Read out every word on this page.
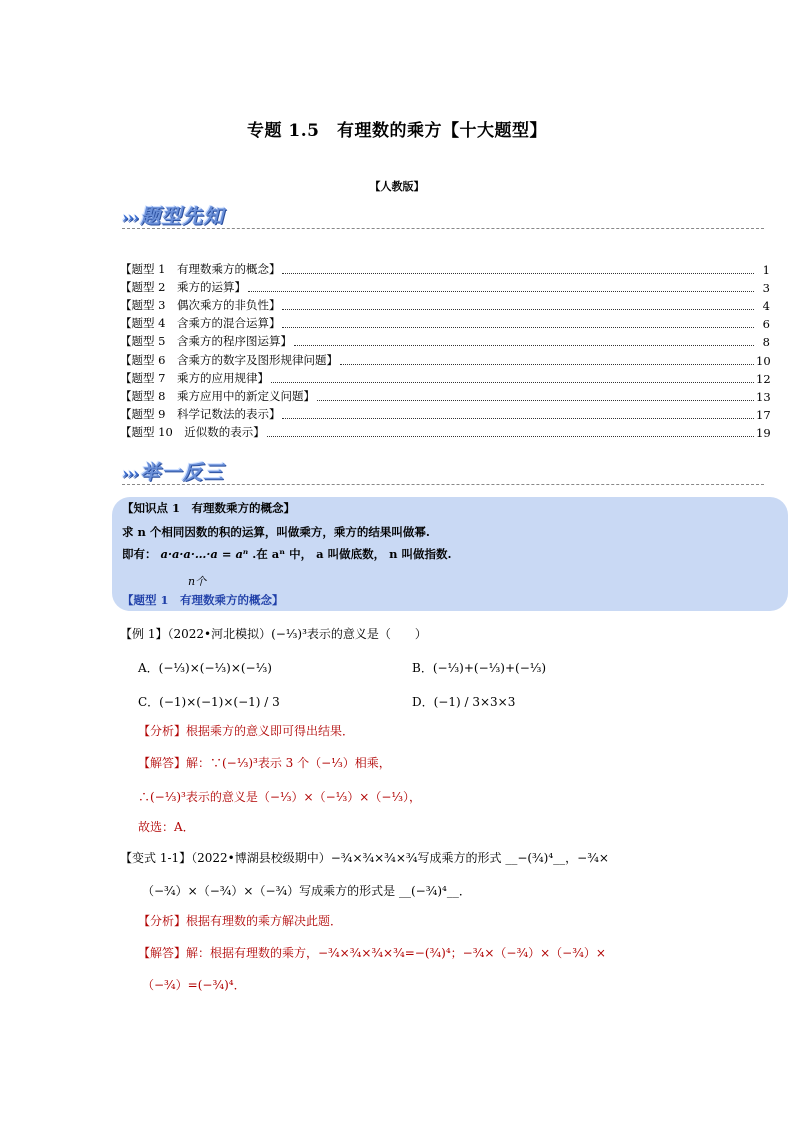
专题 1.5　有理数的乘方【十大题型】
【人教版】
››› 题型先知
【题型 1　有理数乘方的概念】	1
【题型 2　乘方的运算】	3
【题型 3　偶次乘方的非负性】	4
【题型 4　含乘方的混合运算】	6
【题型 5　含乘方的程序图运算】	8
【题型 6　含乘方的数字及图形规律问题】	10
【题型 7　乘方的应用规律】	12
【题型 8　乘方应用中的新定义问题】	13
【题型 9　科学记数法的表示】	17
【题型 10　近似数的表示】	19
››› 举一反三
【知识点 1　有理数乘方的概念】
求 n 个相同因数的积的运算，叫做乘方，乘方的结果叫做幂.
即有： a·a·a·…·a = aⁿ .在 aⁿ 中， a 叫做底数， n 叫做指数.
n个
【题型 1　有理数乘方的概念】
【例 1】（2022•河北模拟）(−⅓)³表示的意义是（　　）
A．(−⅓)×(−⅓)×(−⅓)	B．(−⅓)+(−⅓)+(−⅓)
C．(−1)×(−1)×(−1) / 3	D．(−1) / 3×3×3
【分析】根据乘方的意义即可得出结果．
【解答】解：∵(−⅓)³表示 3 个（−⅓）相乘，
∴(−⅓)³表示的意义是（−⅓）×（−⅓）×（−⅓），
故选：A．
【变式 1-1】（2022•博湖县校级期中）−¾×¾×¾×¾写成乘方的形式 __−(¾)⁴__，−¾×
（−¾）×（−¾）×（−¾）写成乘方的形式是 __(−¾)⁴__．
【分析】根据有理数的乘方解决此题．
【解答】解：根据有理数的乘方，−¾×¾×¾×¾=−(¾)⁴；−¾×（−¾）×（−¾）×
（−¾）=(−¾)⁴．
